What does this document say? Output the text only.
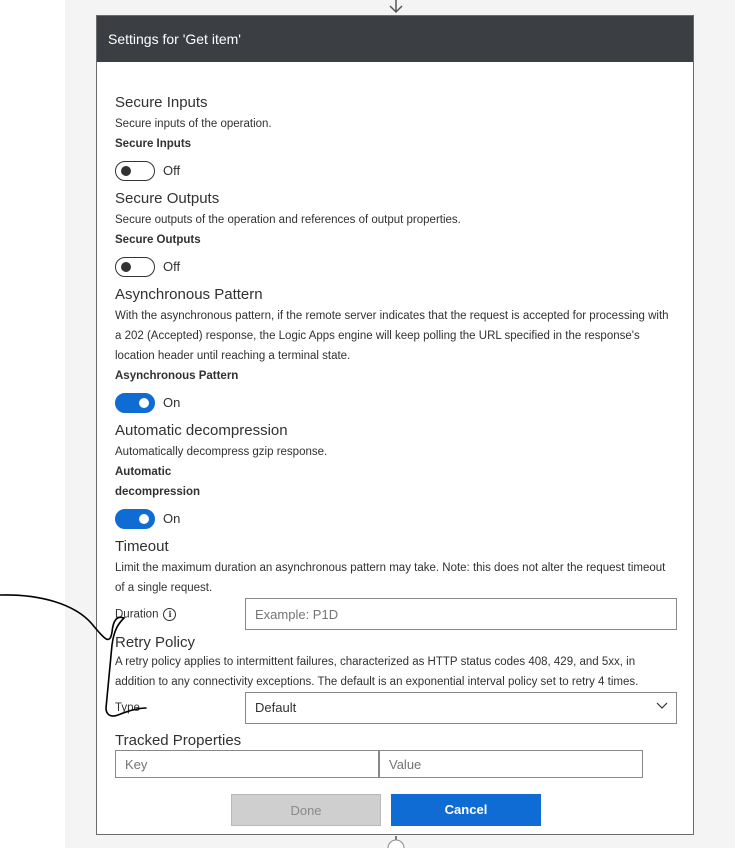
Settings for 'Get item'
Secure Inputs
Secure inputs of the operation.
Secure Inputs
Off
Secure Outputs
Secure outputs of the operation and references of output properties.
Secure Outputs
Off
Asynchronous Pattern
With the asynchronous pattern, if the remote server indicates that the request is accepted for processing with a 202 (Accepted) response, the Logic Apps engine will keep polling the URL specified in the response's location header until reaching a terminal state.
Asynchronous Pattern
On
Automatic decompression
Automatically decompress gzip response.
Automatic
decompression
On
Timeout
Limit the maximum duration an asynchronous pattern may take. Note: this does not alter the request timeout of a single request.
Duration i
Example: P1D
Retry Policy
A retry policy applies to intermittent failures, characterized as HTTP status codes 408, 429, and 5xx, in addition to any connectivity exceptions. The default is an exponential interval policy set to retry 4 times.
Type	Default
Tracked Properties
Key
Value
Done	Cancel
